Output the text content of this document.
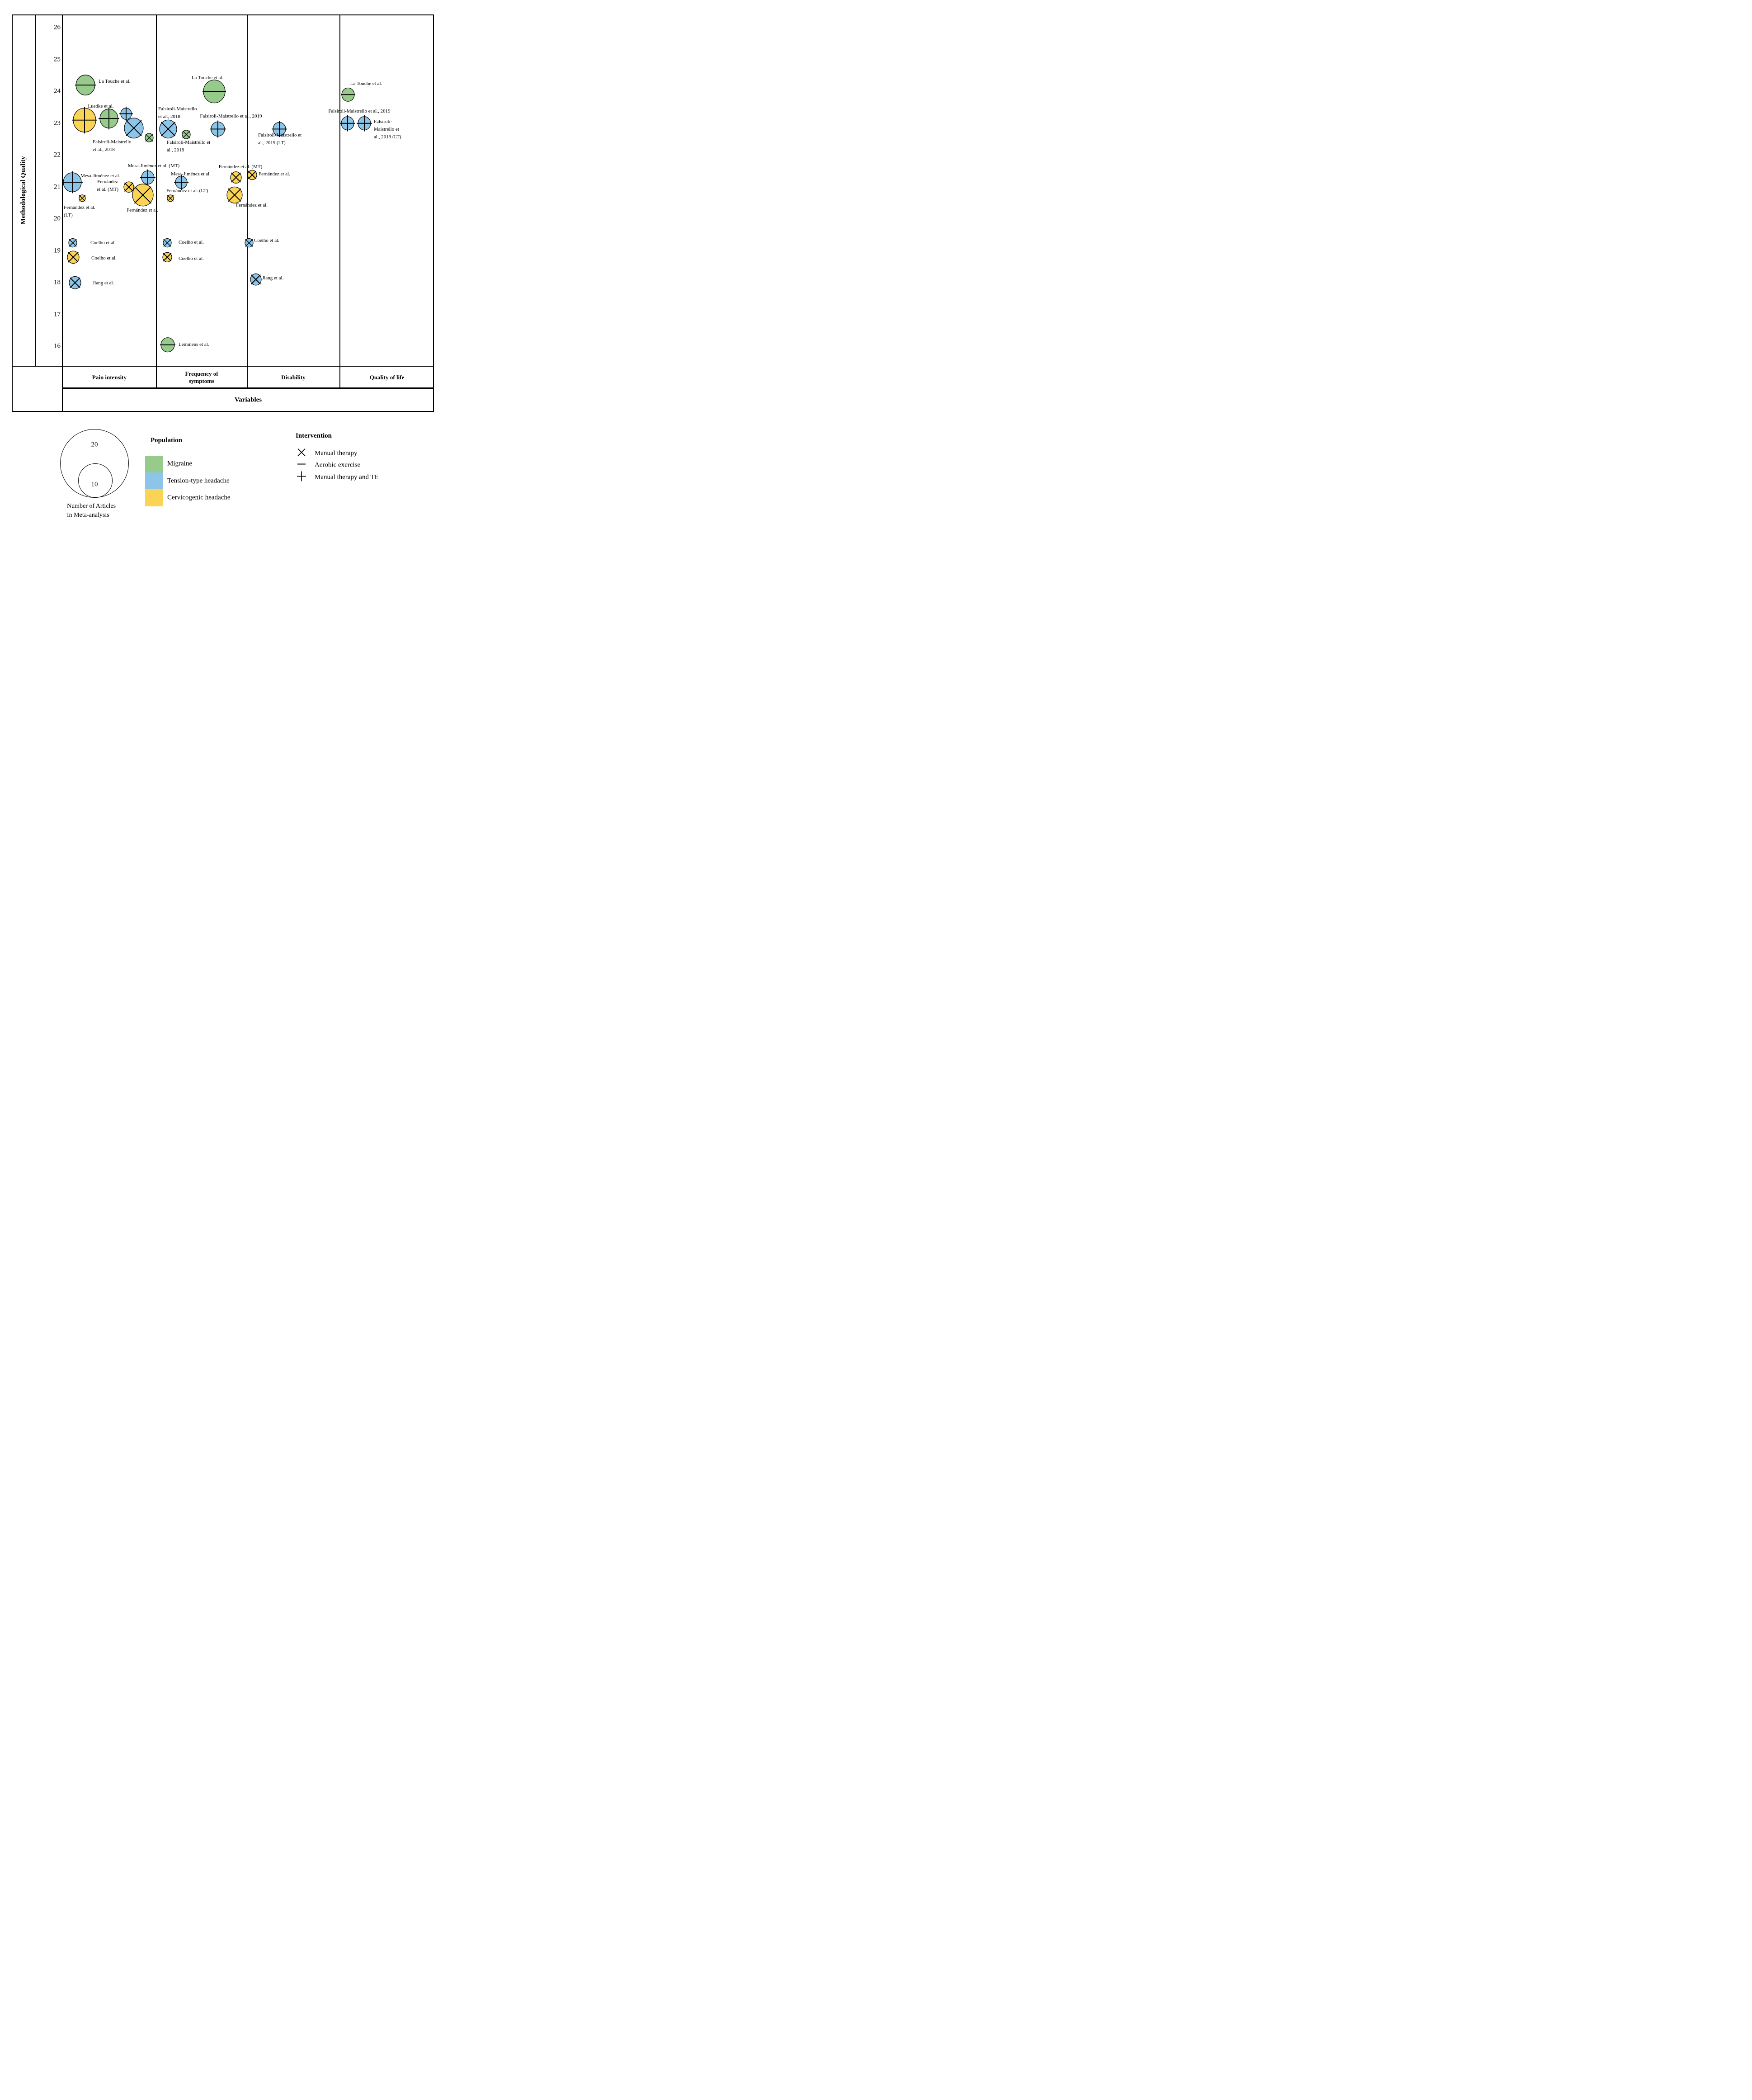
Methodological Quality
26
25
24
23
22
21
20
19
18
17
16
La Touche et al.
Luedke et al.
Falsiroli-Maistrello
et al., 2018
Mesa-Jiménez et al. (MT)
Mesa-Jiménez et al.
Fernández
et al. (MT)
Fernández et al.
(LT)
Fernández et al.
Coelho et al.
Coelho et al.
Jiang et al.
La Touche et al.
Falsiroli-Maistrello
et al., 2018
Falsiroli-Maistrello et
al., 2018
Falsiroli-Maistrello et al., 2019
Mesa-Jiménez et al.
Fernández et al. (LT)
Fernández et al. (MT)
Fernández et al.
Coelho et al.
Coelho et al.
Lemmens et al.
Fernández et al.
Falsiroli-Maistrello et
al., 2019 (LT)
Coelho et al.
Jiang et al.
La Touche et al.
Falsiroli-Maistrello et al., 2019
Falsiroli-
Maistrello et
al., 2019 (LT)
Pain intensity
Frequency of symptoms
Disability	Quality of life
Variables
20
10
Number of Articles
In Meta-analysis
Population
Migraine
Tension-type headache
Cervicogenic headache
Intervention
Manual therapy
Aerobic exercise
Manual therapy and TE
